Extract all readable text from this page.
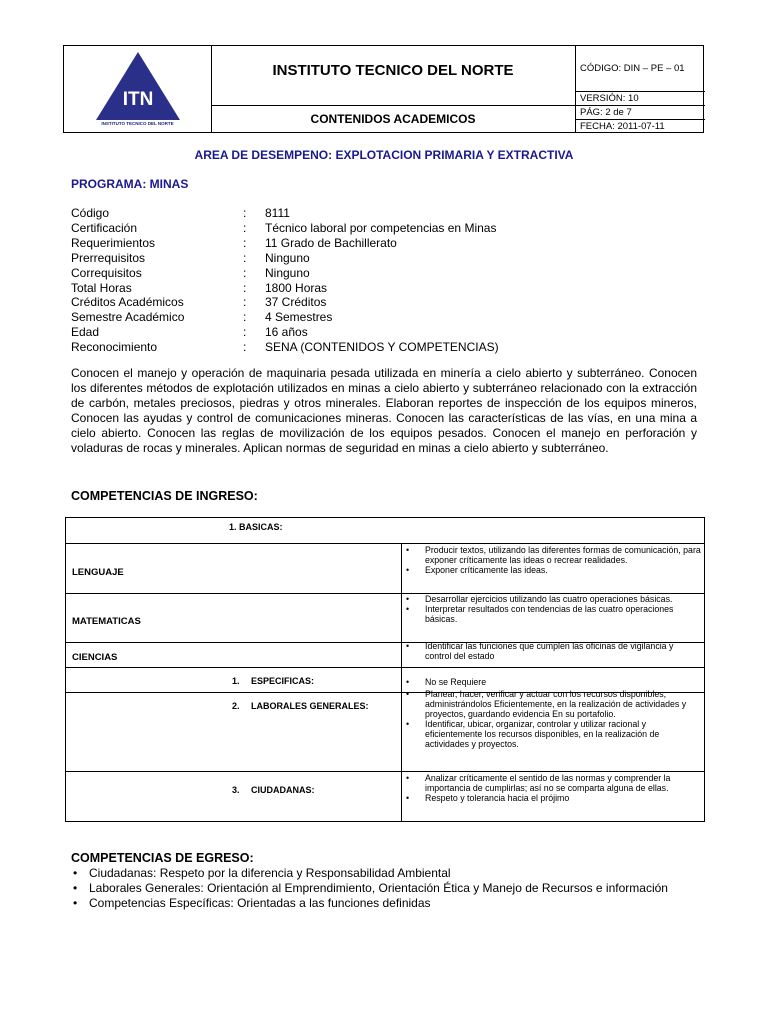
ITN
INSTITUTO TECNICO DEL NORTE
INSTITUTO TECNICO DEL NORTE
CONTENIDOS ACADEMICOS
CÓDIGO: DIN – PE – 01
VERSIÓN: 10
PÁG: 2 de 7
FECHA: 2011-07-11
AREA DE DESEMPENO: EXPLOTACION PRIMARIA Y EXTRACTIVA
PROGRAMA: MINAS
Código	: 8111
Certificación	: Técnico laboral por competencias en Minas
Requerimientos	: 11 Grado de Bachillerato
Prerrequisitos	: Ninguno
Correquisitos	: Ninguno
Total Horas	: 1800 Horas
Créditos Académicos	: 37 Créditos
Semestre Académico	: 4 Semestres
Edad	: 16 años
Reconocimiento	: SENA (CONTENIDOS Y COMPETENCIAS)
Conocen el manejo y operación de maquinaria pesada utilizada en minería a cielo abierto y subterráneo. Conocen los diferentes métodos de explotación utilizados en minas a cielo abierto y subterráneo relacionado con la extracción de carbón, metales preciosos, piedras y otros minerales. Elaboran reportes de inspección de los equipos mineros, Conocen las ayudas y control de comunicaciones mineras. Conocen las características de las vías, en una mina a cielo abierto. Conocen las reglas de movilización de los equipos pesados. Conocen el manejo en perforación y voladuras de rocas y minerales. Aplican normas de seguridad en minas a cielo abierto y subterráneo.
COMPETENCIAS DE INGRESO:
1. BASICAS:
LENGUAJE
• Producir textos, utilizando las diferentes formas de comunicación, para exponer críticamente las ideas o recrear realidades.
• Exponer críticamente las ideas.
MATEMATICAS
• Desarrollar ejercicios utilizando las cuatro operaciones básicas.
• Interpretar resultados con tendencias de las cuatro operaciones básicas.
CIENCIAS
• Identificar las funciones que cumplen las oficinas de vigilancia y control del estado
1. ESPECIFICAS:	• No se Requiere
2. LABORALES GENERALES:
• Planear, hacer, verificar y actuar con los recursos disponibles, administrándolos Eficientemente, en la realización de actividades y proyectos, guardando evidencia En su portafolio.
• Identificar, ubicar, organizar, controlar y utilizar racional y eficientemente los recursos disponibles, en la realización de actividades y proyectos.
3. CIUDADANAS:
• Analizar críticamente el sentido de las normas y comprender la importancia de cumplirlas; así no se comparta alguna de ellas.
• Respeto y tolerancia hacia el prójimo
COMPETENCIAS DE EGRESO:
• Ciudadanas: Respeto por la diferencia y Responsabilidad Ambiental
• Laborales Generales: Orientación al Emprendimiento, Orientación Ética y Manejo de Recursos e información
• Competencias Específicas: Orientadas a las funciones definidas
